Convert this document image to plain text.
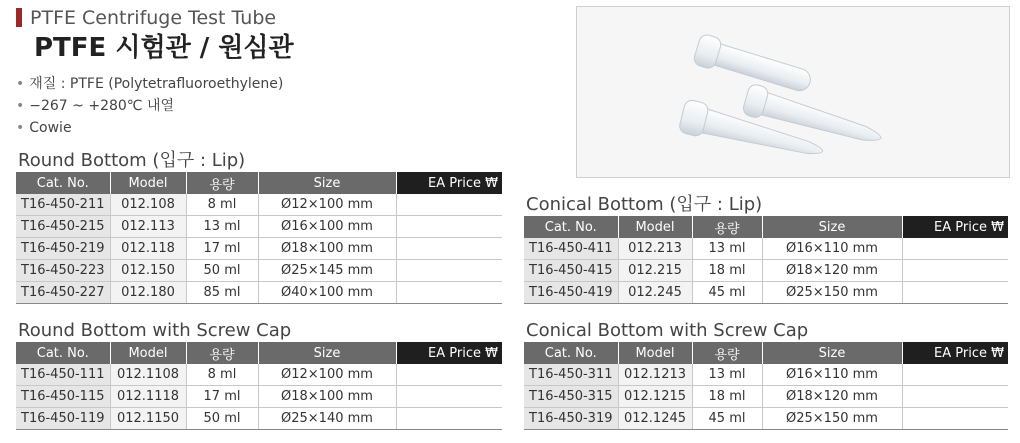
PTFE Centrifuge Test Tube
PTFE 시험관 / 원심관
• 재질 : PTFE (Polytetrafluoroethylene)
• −267 ~ +280℃ 내열
• Cowie
Round Bottom (입구 : Lip)
Cat. No.	Model	용량	Size	EA Price ₩
T16-450-211	012.108	8 ml	Ø12×100 mm	
T16-450-215	012.113	13 ml	Ø16×100 mm	
T16-450-219	012.118	17 ml	Ø18×100 mm	
T16-450-223	012.150	50 ml	Ø25×145 mm	
T16-450-227	012.180	85 ml	Ø40×100 mm	
Round Bottom with Screw Cap
Cat. No.	Model	용량	Size	EA Price ₩
T16-450-111	012.1108	8 ml	Ø12×100 mm	
T16-450-115	012.1118	17 ml	Ø18×100 mm	
T16-450-119	012.1150	50 ml	Ø25×140 mm	
Conical Bottom (입구 : Lip)
Cat. No.	Model	용량	Size	EA Price ₩
T16-450-411	012.213	13 ml	Ø16×110 mm	
T16-450-415	012.215	18 ml	Ø18×120 mm	
T16-450-419	012.245	45 ml	Ø25×150 mm	
Conical Bottom with Screw Cap
Cat. No.	Model	용량	Size	EA Price ₩
T16-450-311	012.1213	13 ml	Ø16×110 mm	
T16-450-315	012.1215	18 ml	Ø18×120 mm	
T16-450-319	012.1245	45 ml	Ø25×150 mm	
